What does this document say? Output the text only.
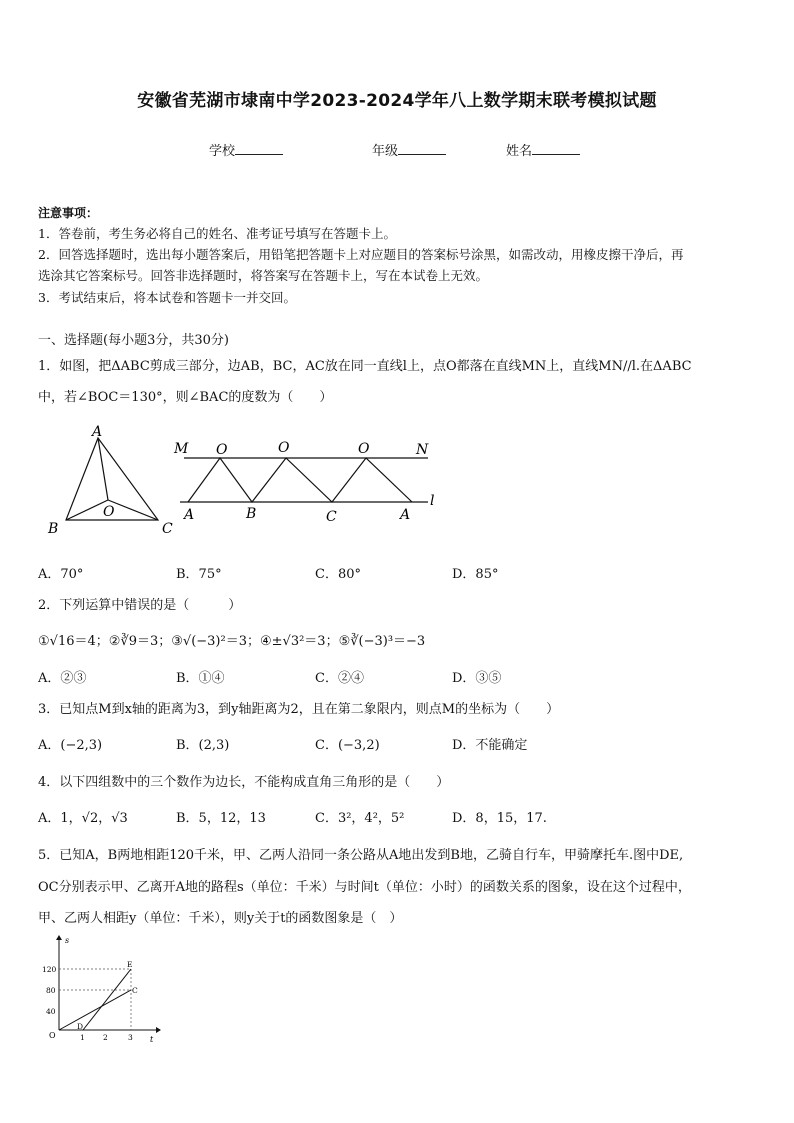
安徽省芜湖市埭南中学2023-2024学年八上数学期末联考模拟试题
学校	年级	姓名
注意事项：
1．答卷前，考生务必将自己的姓名、准考证号填写在答题卡上。
2．回答选择题时，选出每小题答案后，用铅笔把答题卡上对应题目的答案标号涂黑，如需改动，用橡皮擦干净后，再
选涂其它答案标号。回答非选择题时，将答案写在答题卡上，写在本试卷上无效。
3．考试结束后，将本试卷和答题卡一并交回。
一、选择题(每小题3分，共30分)
1．如图，把ΔABC剪成三部分，边AB，BC，AC放在同一直线l上，点O都落在直线MN上，直线MN//l.在ΔABC
中，若∠BOC＝130°，则∠BAC的度数为（　　）
A
B	C
O
M O	O	O	N
l
A	B	C	A
A．70°	B．75°	C．80°	D．85°
2．下列运算中错误的是（　　　）
①√16＝4；②∛9＝3；③√(−3)²＝3；④±√3²＝3；⑤∛(−3)³＝−3
A．②③	B．①④	C．②④	D．③⑤
3．已知点M到x轴的距离为3，到y轴距离为2，且在第二象限内，则点M的坐标为（　　）
A．(−2,3)	B．(2,3)	C．(−3,2)	D．不能确定
4．以下四组数中的三个数作为边长，不能构成直角三角形的是（　　）
A．1，√2，√3	B．5，12，13	C．3²，4²，5²	D．8，15，17.
5．已知A，B两地相距120千米，甲、乙两人沿同一条公路从A地出发到B地，乙骑自行车，甲骑摩托车.图中DE,
OC分别表示甲、乙离开A地的路程s（单位：千米）与时间t（单位：小时）的函数关系的图象，设在这个过程中，
甲、乙两人相距y（单位：千米），则y关于t的函数图象是（　）
s
t
O
120
80
40
1 2	3
E
C
D
